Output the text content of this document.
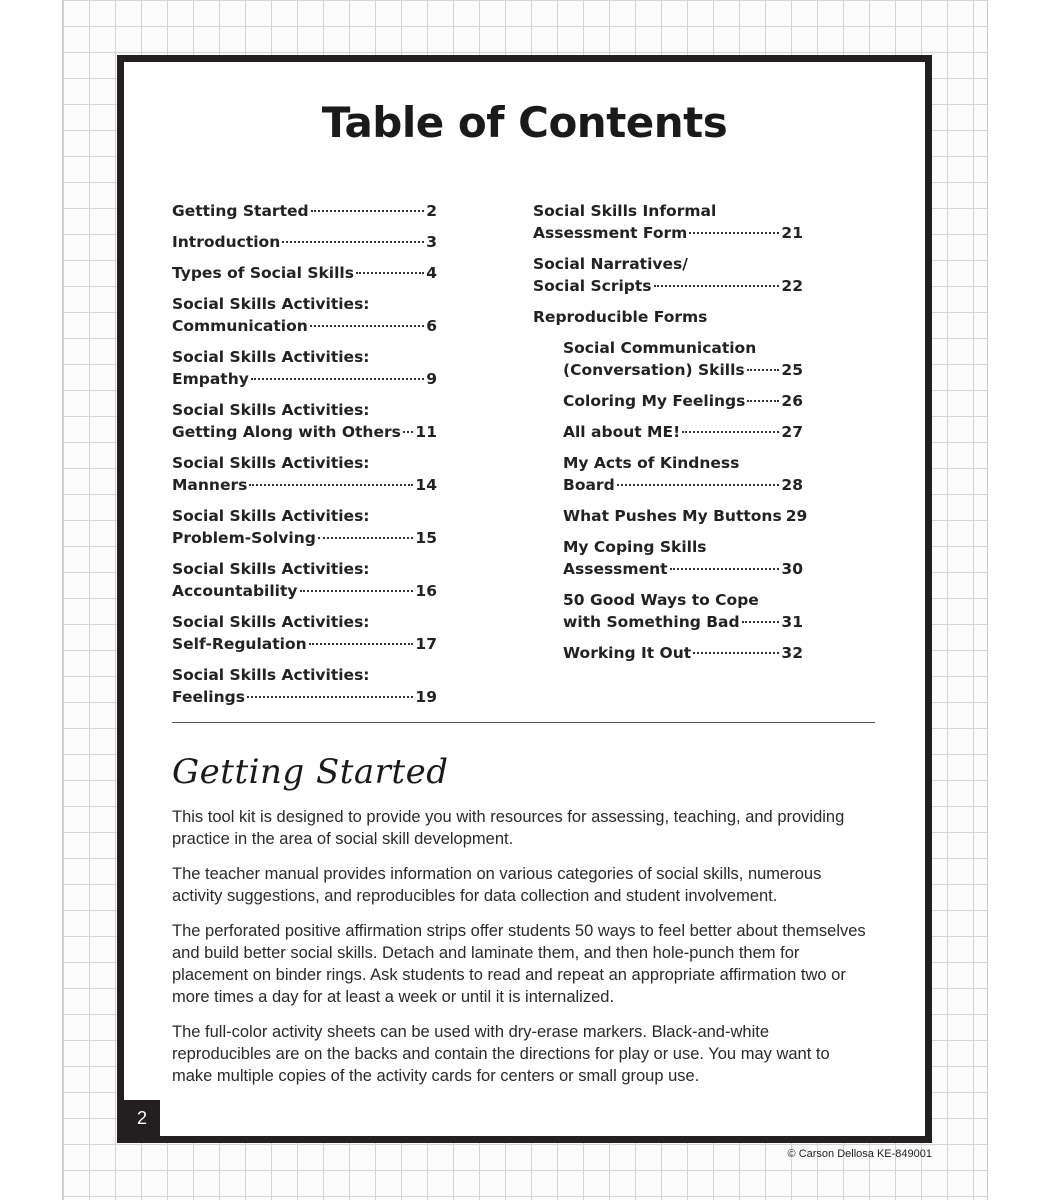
Table of Contents
Getting Started	2
Introduction	3
Types of Social Skills	4
Social Skills Activities:
Communication	6
Social Skills Activities:
Empathy	9
Social Skills Activities:
Getting Along with Others 11
Social Skills Activities:
Manners	14
Social Skills Activities:
Problem-Solving	15
Social Skills Activities:
Accountability	16
Social Skills Activities:
Self-Regulation	17
Social Skills Activities:
Feelings	19
Social Skills Informal
Assessment Form	21
Social Narratives/
Social Scripts	22
Reproducible Forms
Social Communication
(Conversation) Skills 25
Coloring My Feelings 26
All about ME!	27
My Acts of Kindness
Board	28
What Pushes My Buttons 29
My Coping Skills
Assessment	30
50 Good Ways to Cope
with Something Bad	31
Working It Out	32
Getting Started

This tool kit is designed to provide you with resources for assessing, teaching, and providing practice in the area of social skill development.

The teacher manual provides information on various categories of social skills, numerous activity suggestions, and reproducibles for data collection and student involvement.

The perforated positive affirmation strips offer students 50 ways to feel better about themselves and build better social skills. Detach and laminate them, and then hole-punch them for placement on binder rings. Ask students to read and repeat an appropriate affirmation two or more times a day for at least a week or until it is internalized.

The full-color activity sheets can be used with dry-erase markers. Black-and-white reproducibles are on the backs and contain the directions for play or use. You may want to make multiple copies of the activity cards for centers or small group use.

2
© Carson Dellosa KE-849001
